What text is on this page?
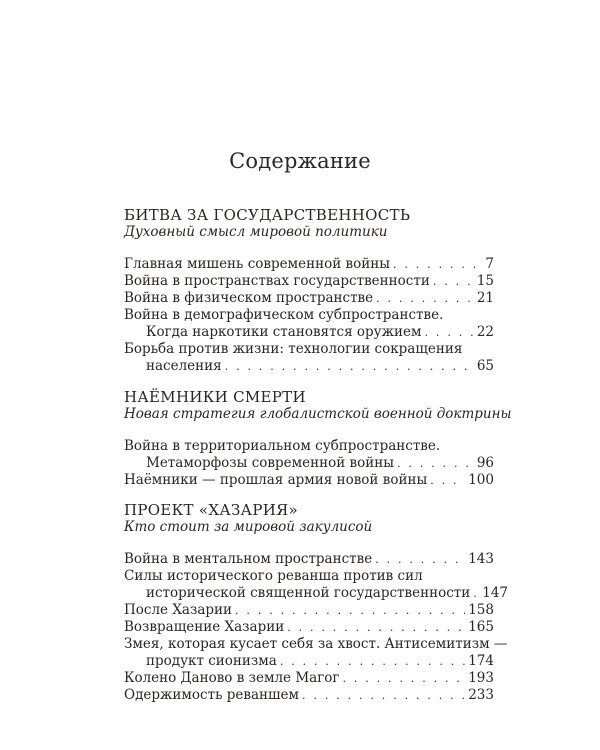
Содержание
БИТВА ЗА ГОСУДАРСТВЕННОСТЬ
Духовный смысл мировой политики
Главная мишень современной войны . . .	7
Война в пространствах государственности . . .	15
Война в физическом пространстве . . .	21
Война в демографическом субпространстве.
Когда наркотики становятся оружием . . .	22
Борьба против жизни: технологии сокращения
населения . . .	65
НАЁМНИКИ СМЕРТИ
Новая стратегия глобалистской военной доктрины
Война в территориальном субпространстве.
Метаморфозы современной войны . . .	96
Наёмники — прошлая армия новой войны . . .	100
ПРОЕКТ «ХАЗАРИЯ»
Кто стоит за мировой закулисой
Война в ментальном пространстве . . .	143
Силы исторического реванша против сил
исторической священной государственности . . . 147
После Хазарии . . .	158
Возвращение Хазарии . . .	165
Змея, которая кусает себя за хвост. Антисемитизм —
продукт сионизма . . .	174
Колено Даново в земле Магог . . .	193
Одержимость реваншем . . .	233
